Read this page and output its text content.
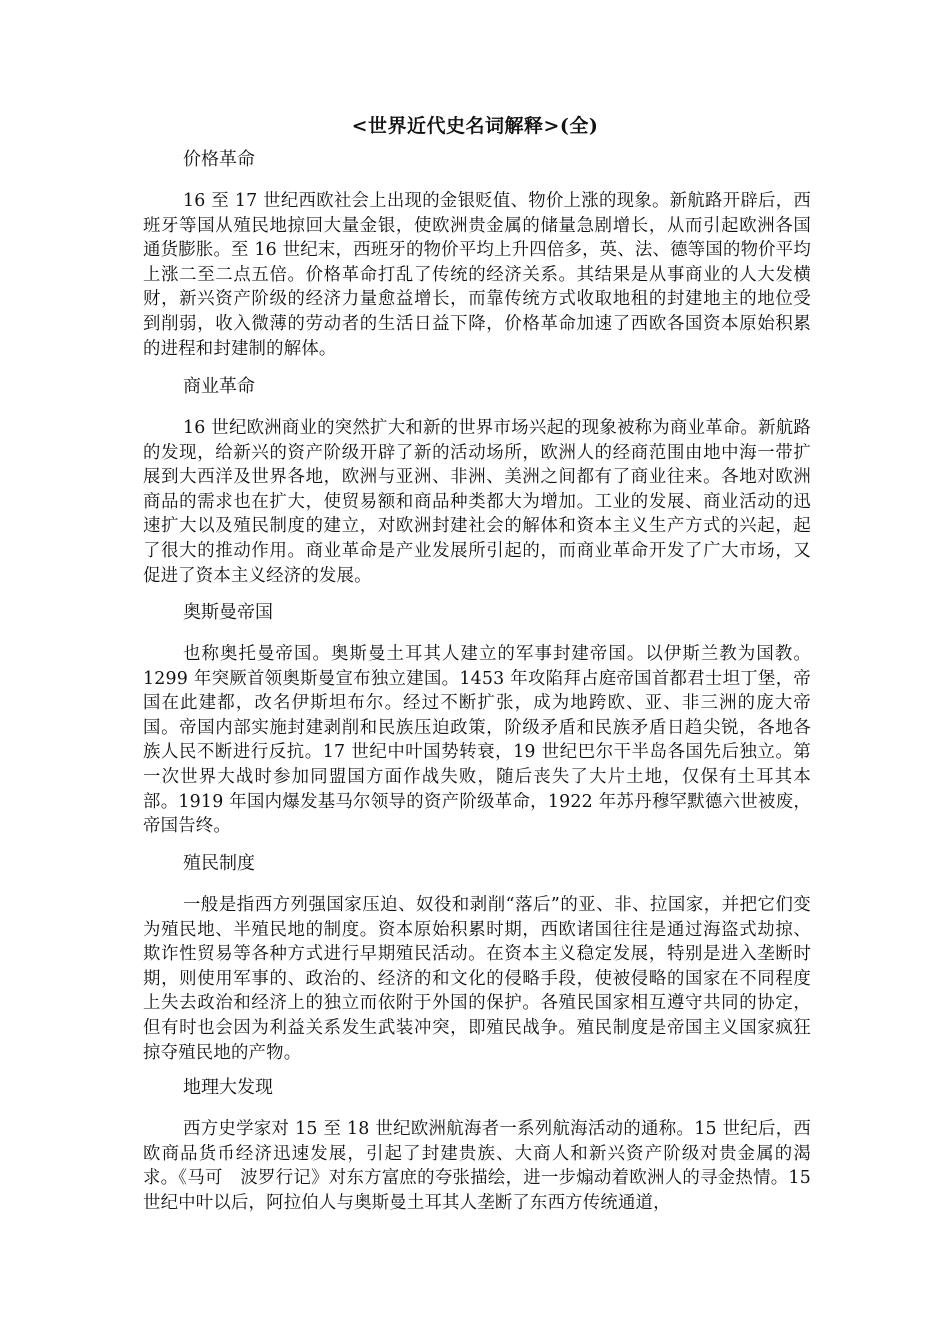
<世界近代史名词解释>(全)
价格革命

16 至 17 世纪西欧社会上出现的金银贬值、物价上涨的现象。新航路开辟后，西班牙等国从殖民地掠回大量金银，使欧洲贵金属的储量急剧增长，从而引起欧洲各国通货膨胀。至 16 世纪末，西班牙的物价平均上升四倍多，英、法、德等国的物价平均上涨二至二点五倍。价格革命打乱了传统的经济关系。其结果是从事商业的人大发横财，新兴资产阶级的经济力量愈益增长，而靠传统方式收取地租的封建地主的地位受到削弱，收入微薄的劳动者的生活日益下降，价格革命加速了西欧各国资本原始积累的进程和封建制的解体。

商业革命

16 世纪欧洲商业的突然扩大和新的世界市场兴起的现象被称为商业革命。新航路的发现，给新兴的资产阶级开辟了新的活动场所，欧洲人的经商范围由地中海一带扩展到大西洋及世界各地，欧洲与亚洲、非洲、美洲之间都有了商业往来。各地对欧洲商品的需求也在扩大，使贸易额和商品种类都大为增加。工业的发展、商业活动的迅速扩大以及殖民制度的建立，对欧洲封建社会的解体和资本主义生产方式的兴起，起了很大的推动作用。商业革命是产业发展所引起的，而商业革命开发了广大市场，又促进了资本主义经济的发展。

奥斯曼帝国

也称奥托曼帝国。奥斯曼土耳其人建立的军事封建帝国。以伊斯兰教为国教。1299 年突厥首领奥斯曼宣布独立建国。1453 年攻陷拜占庭帝国首都君士坦丁堡，帝国在此建都，改名伊斯坦布尔。经过不断扩张，成为地跨欧、亚、非三洲的庞大帝国。帝国内部实施封建剥削和民族压迫政策，阶级矛盾和民族矛盾日趋尖锐，各地各族人民不断进行反抗。17 世纪中叶国势转衰，19 世纪巴尔干半岛各国先后独立。第一次世界大战时参加同盟国方面作战失败，随后丧失了大片土地，仅保有土耳其本部。1919 年国内爆发基马尔领导的资产阶级革命，1922 年苏丹穆罕默德六世被废，帝国告终。

殖民制度

一般是指西方列强国家压迫、奴役和剥削“落后”的亚、非、拉国家，并把它们变为殖民地、半殖民地的制度。资本原始积累时期，西欧诸国往往是通过海盗式劫掠、欺诈性贸易等各种方式进行早期殖民活动。在资本主义稳定发展，特别是进入垄断时期，则使用军事的、政治的、经济的和文化的侵略手段，使被侵略的国家在不同程度上失去政治和经济上的独立而依附于外国的保护。各殖民国家相互遵守共同的协定，但有时也会因为利益关系发生武装冲突，即殖民战争。殖民制度是帝国主义国家疯狂掠夺殖民地的产物。

地理大发现

西方史学家对 15 至 18 世纪欧洲航海者一系列航海活动的通称。15 世纪后，西欧商品货币经济迅速发展，引起了封建贵族、大商人和新兴资产阶级对贵金属的渴求。《马可　波罗行记》对东方富庶的夸张描绘，进一步煽动着欧洲人的寻金热情。15 世纪中叶以后，阿拉伯人与奥斯曼土耳其人垄断了东西方传统通道，
